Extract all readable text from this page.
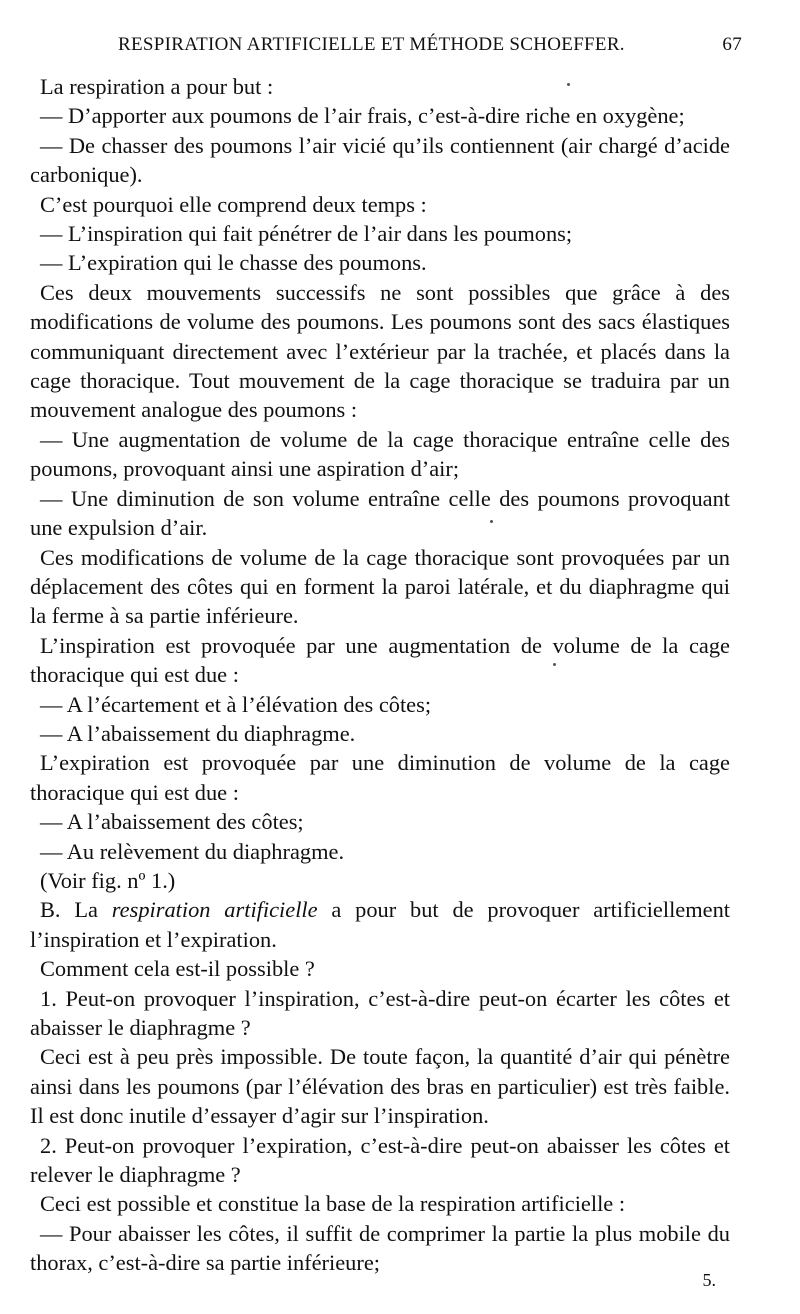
RESPIRATION ARTIFICIELLE ET MÉTHODE SCHOEFFER.	67

La respiration a pour but :

— D’apporter aux poumons de l’air frais, c’est-à-dire riche en oxygène;

— De chasser des poumons l’air vicié qu’ils contiennent (air chargé d’acide carbonique).

C’est pourquoi elle comprend deux temps :

— L’inspiration qui fait pénétrer de l’air dans les poumons;

— L’expiration qui le chasse des poumons.

Ces deux mouvements successifs ne sont possibles que grâce à des modifications de volume des poumons. Les poumons sont des sacs élastiques communiquant directement avec l’extérieur par la trachée, et placés dans la cage thoracique. Tout mouvement de la cage thoracique se traduira par un mouvement analogue des poumons :

— Une augmentation de volume de la cage thoracique entraîne celle des poumons, provoquant ainsi une aspiration d’air;

— Une diminution de son volume entraîne celle des poumons provoquant une expulsion d’air.

Ces modifications de volume de la cage thoracique sont provoquées par un déplacement des côtes qui en forment la paroi latérale, et du diaphragme qui la ferme à sa partie inférieure.

L’inspiration est provoquée par une augmentation de volume de la cage thoracique qui est due :

— A l’écartement et à l’élévation des côtes;

— A l’abaissement du diaphragme.

L’expiration est provoquée par une diminution de volume de la cage thoracique qui est due :

— A l’abaissement des côtes;

— Au relèvement du diaphragme.

(Voir fig. nº 1.)

B. La respiration artificielle a pour but de provoquer artificiellement l’inspiration et l’expiration.

Comment cela est-il possible ?

1. Peut-on provoquer l’inspiration, c’est-à-dire peut-on écarter les côtes et abaisser le diaphragme ?

Ceci est à peu près impossible. De toute façon, la quantité d’air qui pénètre ainsi dans les poumons (par l’élévation des bras en particulier) est très faible. Il est donc inutile d’essayer d’agir sur l’inspiration.

2. Peut-on provoquer l’expiration, c’est-à-dire peut-on abaisser les côtes et relever le diaphragme ?

Ceci est possible et constitue la base de la respiration artificielle :

— Pour abaisser les côtes, il suffit de comprimer la partie la plus mobile du thorax, c’est-à-dire sa partie inférieure;

5.
